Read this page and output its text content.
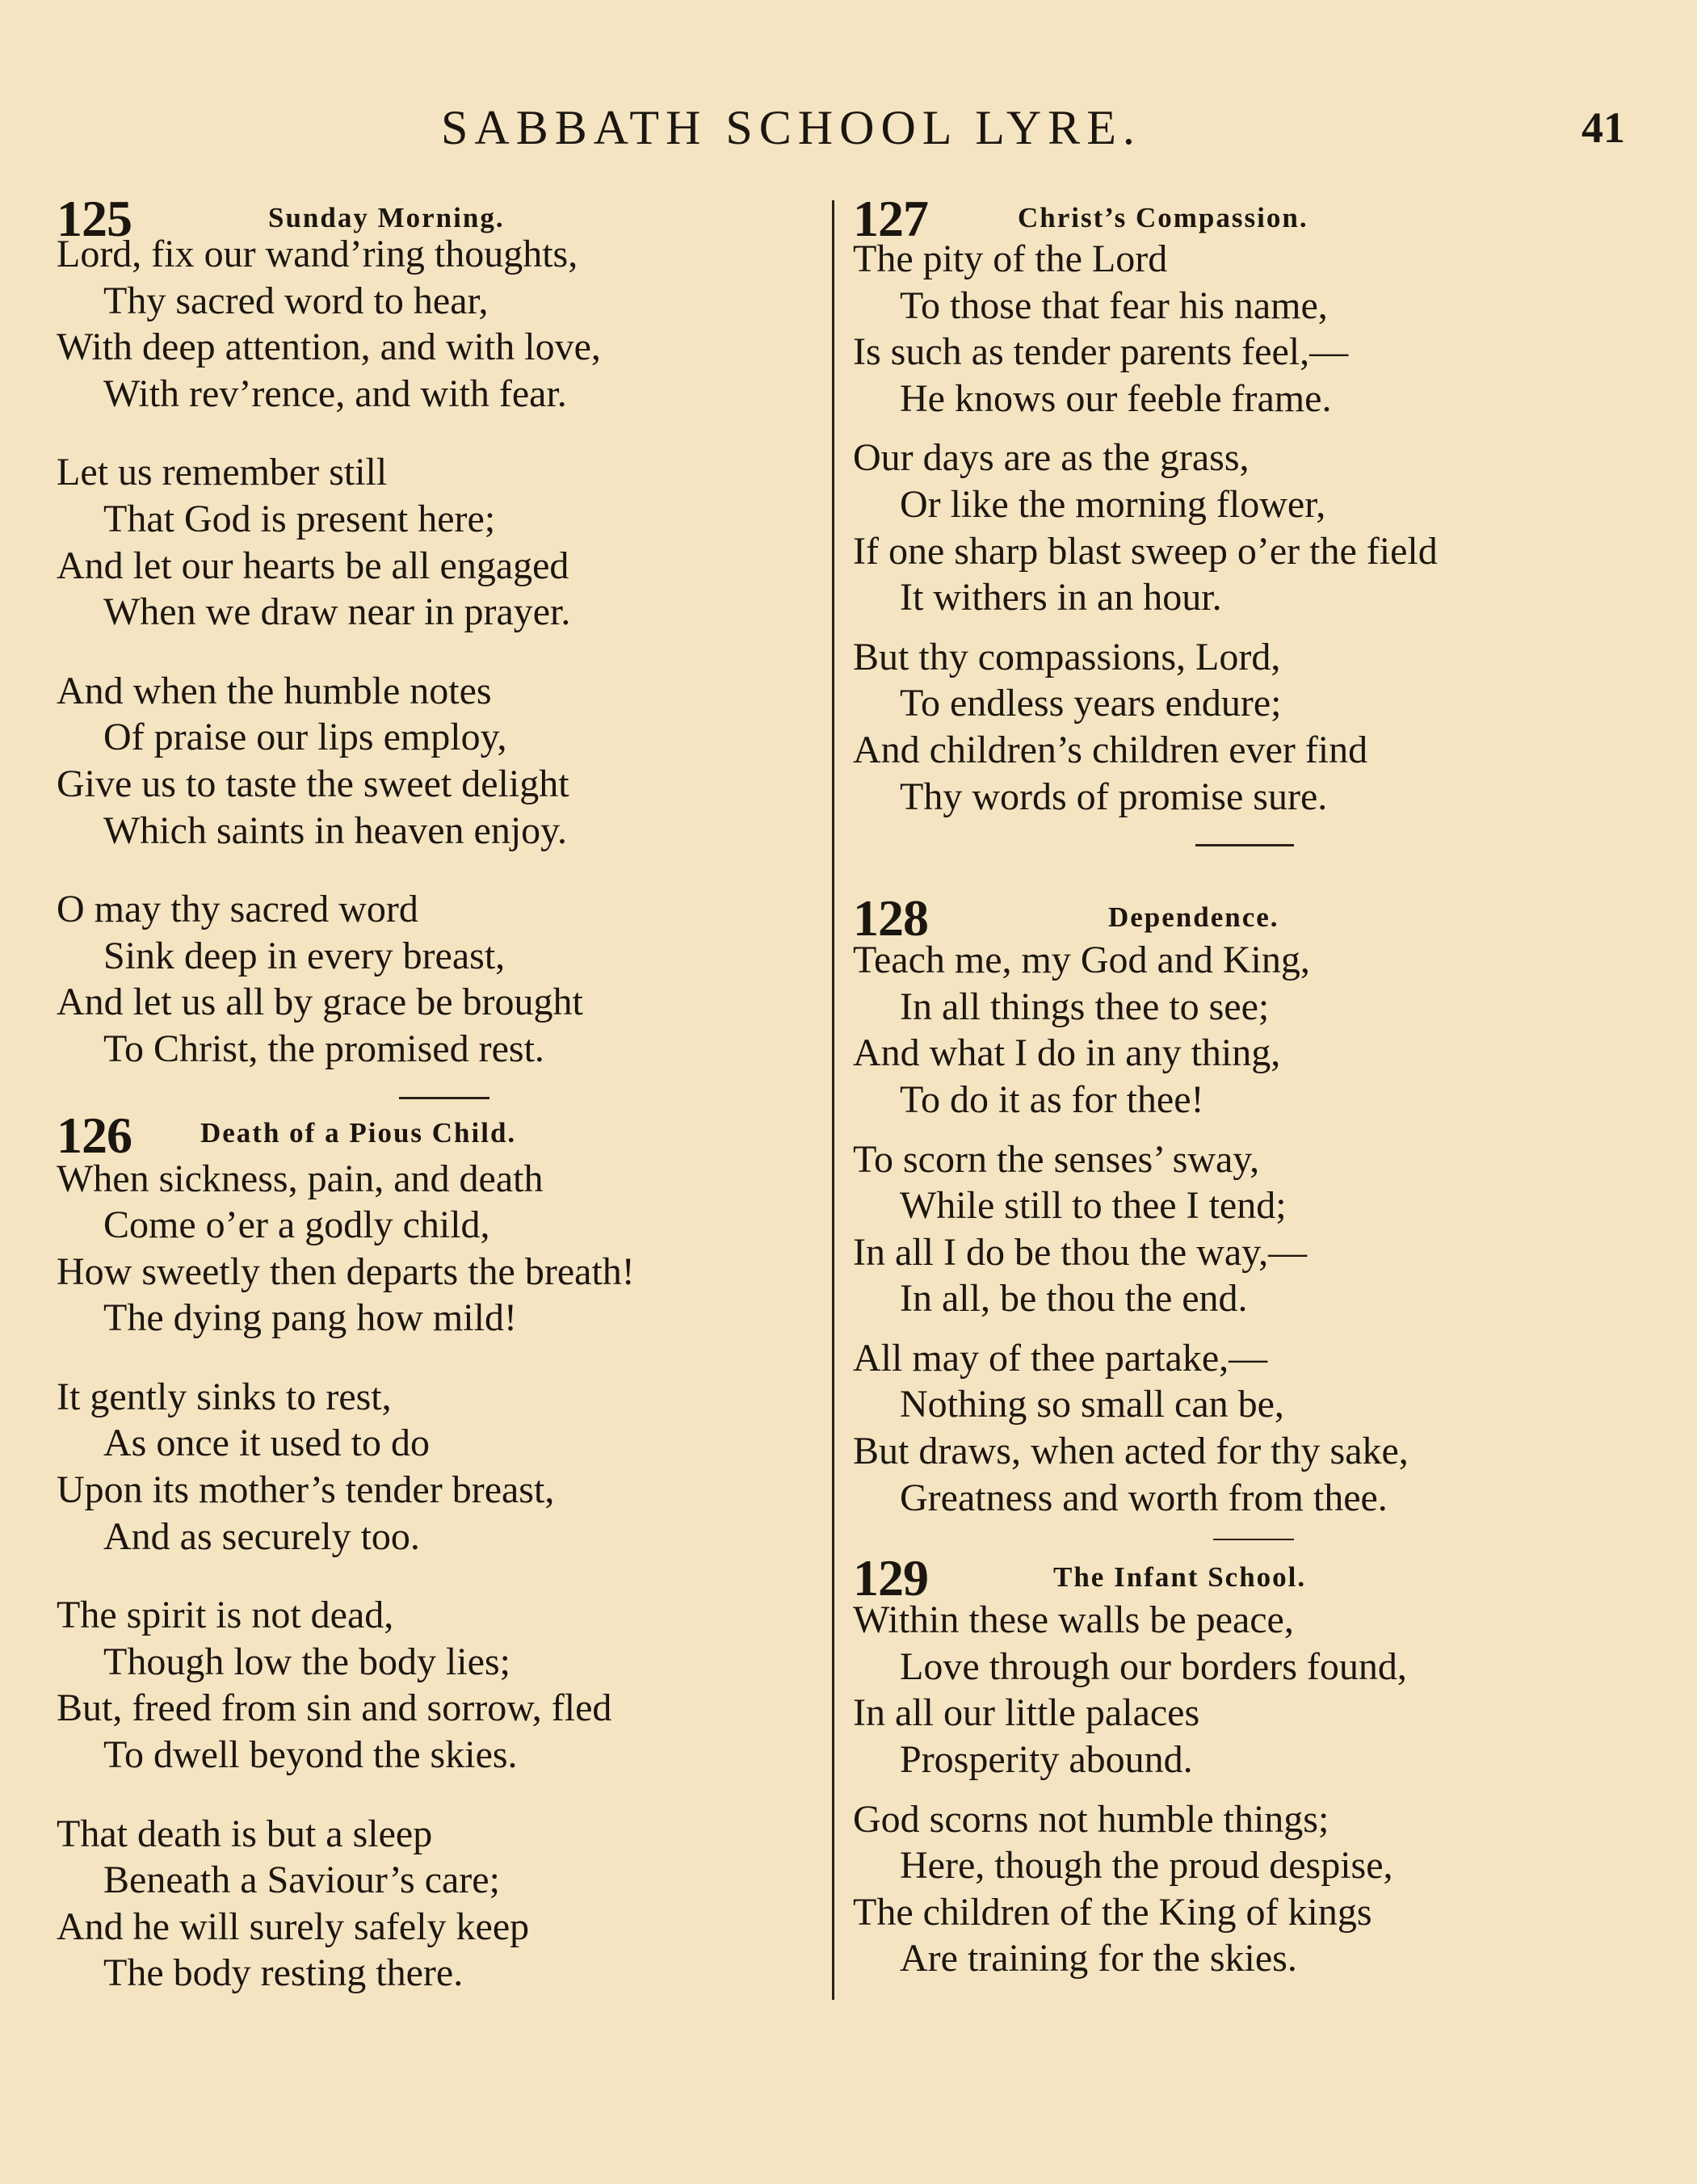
SABBATH SCHOOL LYRE.	41
125	Sunday Morning.
Lord, fix our wand’ring thoughts,
Thy sacred word to hear,
With deep attention, and with love,
With rev’rence, and with fear.
Let us remember still
That God is present here;
And let our hearts be all engaged
When we draw near in prayer.
And when the humble notes
Of praise our lips employ,
Give us to taste the sweet delight
Which saints in heaven enjoy.
O may thy sacred word
Sink deep in every breast,
And let us all by grace be brought
To Christ, the promised rest.
126 Death of a Pious Child.
When sickness, pain, and death
Come o’er a godly child,
How sweetly then departs the breath!
The dying pang how mild!
It gently sinks to rest,
As once it used to do
Upon its mother’s tender breast,
And as securely too.
The spirit is not dead,
Though low the body lies;
But, freed from sin and sorrow, fled
To dwell beyond the skies.
That death is but a sleep
Beneath a Saviour’s care;
And he will surely safely keep
The body resting there.
127	Christ’s Compassion.
The pity of the Lord
To those that fear his name,
Is such as tender parents feel,—
He knows our feeble frame.
Our days are as the grass,
Or like the morning flower,
If one sharp blast sweep o’er the field
It withers in an hour.
But thy compassions, Lord,
To endless years endure;
And children’s children ever find
Thy words of promise sure.
128	Dependence.
Teach me, my God and King,
In all things thee to see;
And what I do in any thing,
To do it as for thee!
To scorn the senses’ sway,
While still to thee I tend;
In all I do be thou the way,—
In all, be thou the end.
All may of thee partake,—
Nothing so small can be,
But draws, when acted for thy sake,
Greatness and worth from thee.
129	The Infant School.
Within these walls be peace,
Love through our borders found,
In all our little palaces
Prosperity abound.
God scorns not humble things;
Here, though the proud despise,
The children of the King of kings
Are training for the skies.
